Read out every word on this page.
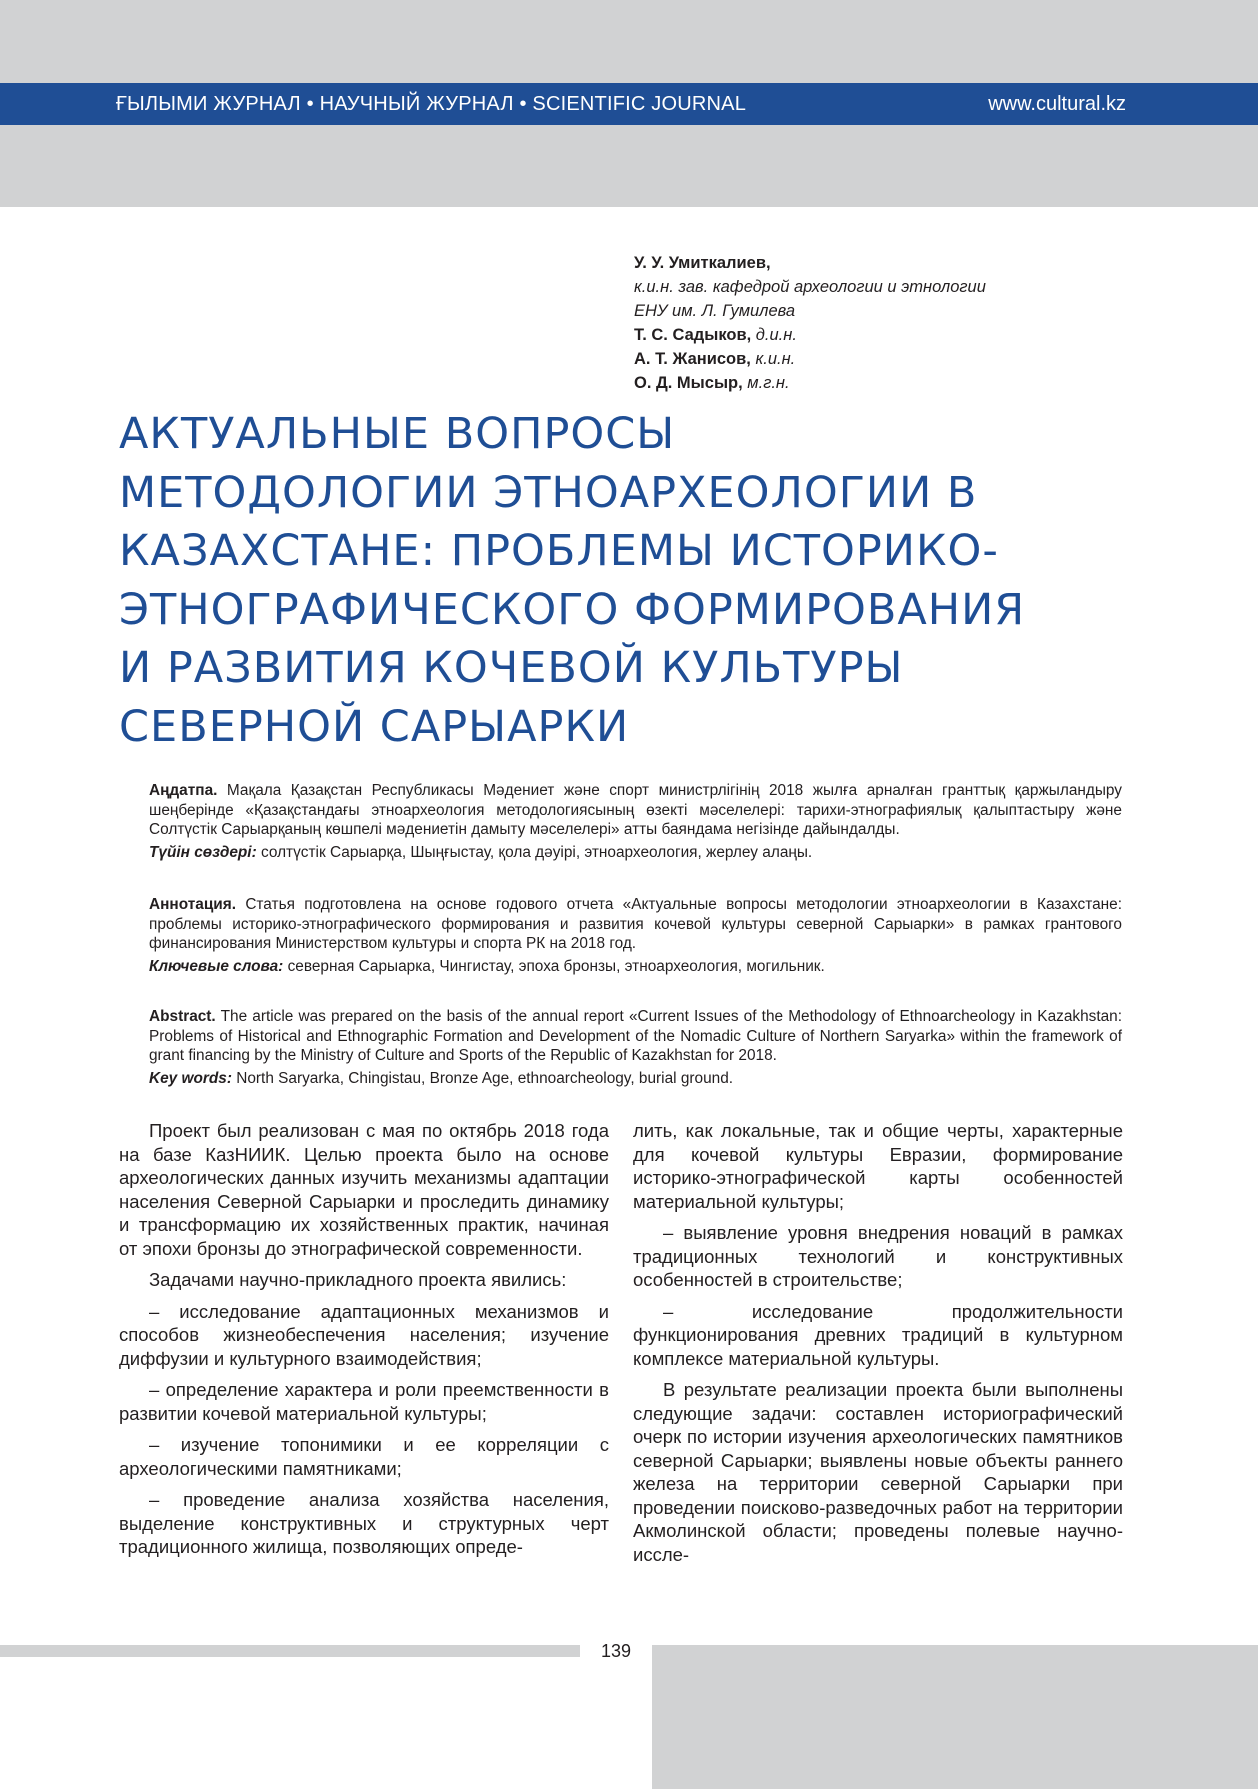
ҒЫЛЫМИ ЖУРНАЛ • НАУЧНЫЙ ЖУРНАЛ • SCIENTIFIC JOURNAL	www.cultural.kz
У. У. Умиткалиев,
к.и.н. зав. кафедрой археологии и этнологии
ЕНУ им. Л. Гумилева
Т. С. Садыков, д.и.н.
А. Т. Жанисов, к.и.н.
О. Д. Мысыр, м.г.н.
АКТУАЛЬНЫЕ ВОПРОСЫ
МЕТОДОЛОГИИ ЭТНОАРХЕОЛОГИИ В
КАЗАХСТАНЕ: ПРОБЛЕМЫ ИСТОРИКО-
ЭТНОГРАФИЧЕСКОГО ФОРМИРОВАНИЯ
И РАЗВИТИЯ КОЧЕВОЙ КУЛЬТУРЫ
СЕВЕРНОЙ САРЫАРКИ

Аңдатпа. Мақала Қазақстан Республикасы Мәдениет және спорт министрлігінің 2018 жылға арналған гранттық қаржыландыру шеңберінде «Қазақстандағы этноархеология методологиясының өзекті мәселелері: тарихи-этнографиялық қалыптастыру және Солтүстік Сарыарқаның көшпелі мәдениетін дамыту мәселелері» атты баяндама негізінде дайындалды.

Түйін сөздері: солтүстік Сарыарқа, Шыңғыстау, қола дәуірі, этноархеология, жерлеу алаңы.

Аннотация. Статья подготовлена на основе годового отчета «Актуальные вопросы методологии этноархеологии в Казахстане: проблемы историко-этнографического формирования и развития кочевой культуры северной Сарыарки» в рамках грантового финансирования Министерством культуры и спорта РК на 2018 год.

Ключевые слова: северная Сарыарка, Чингистау, эпоха бронзы, этноархеология, могильник.

Abstract. The article was prepared on the basis of the annual report «Current Issues of the Methodology of Ethnoarcheology in Kazakhstan: Problems of Historical and Ethnographic Formation and Development of the Nomadic Culture of Northern Saryarka» within the framework of grant financing by the Ministry of Culture and Sports of the Republic of Kazakhstan for 2018.

Key words: North Saryarka, Chingistau, Bronze Age, ethnoarcheology, burial ground.

Проект был реализован с мая по октябрь 2018 года на базе КазНИИК. Целью проекта было на основе археологических данных изучить механизмы адаптации населения Северной Сарыарки и проследить динамику и трансформацию их хозяйственных практик, начиная от эпохи бронзы до этнографической современности.

Задачами научно-прикладного проекта явились:

– исследование адаптационных механизмов и способов жизнеобеспечения населения; изучение диффузии и культурного взаимодействия;

– определение характера и роли преемственности в развитии кочевой материальной культуры;

– изучение топонимики и ее корреляции с археологическими памятниками;

– проведение анализа хозяйства населения, выделение конструктивных и структурных черт традиционного жилища, позволяющих опреде-

лить, как локальные, так и общие черты, характерные для кочевой культуры Евразии, формирование историко-этнографической карты особенностей материальной культуры;

– выявление уровня внедрения новаций в рамках традиционных технологий и конструктивных особенностей в строительстве;

– исследование продолжительности функционирования древних традиций в культурном комплексе материальной культуры.

В результате реализации проекта были выполнены следующие задачи: составлен историографический очерк по истории изучения археологических памятников северной Сарыарки; выявлены новые объекты раннего железа на территории северной Сарыарки при проведении поисково-разведочных работ на территории Акмолинской области; проведены полевые научно-иссле-

139
